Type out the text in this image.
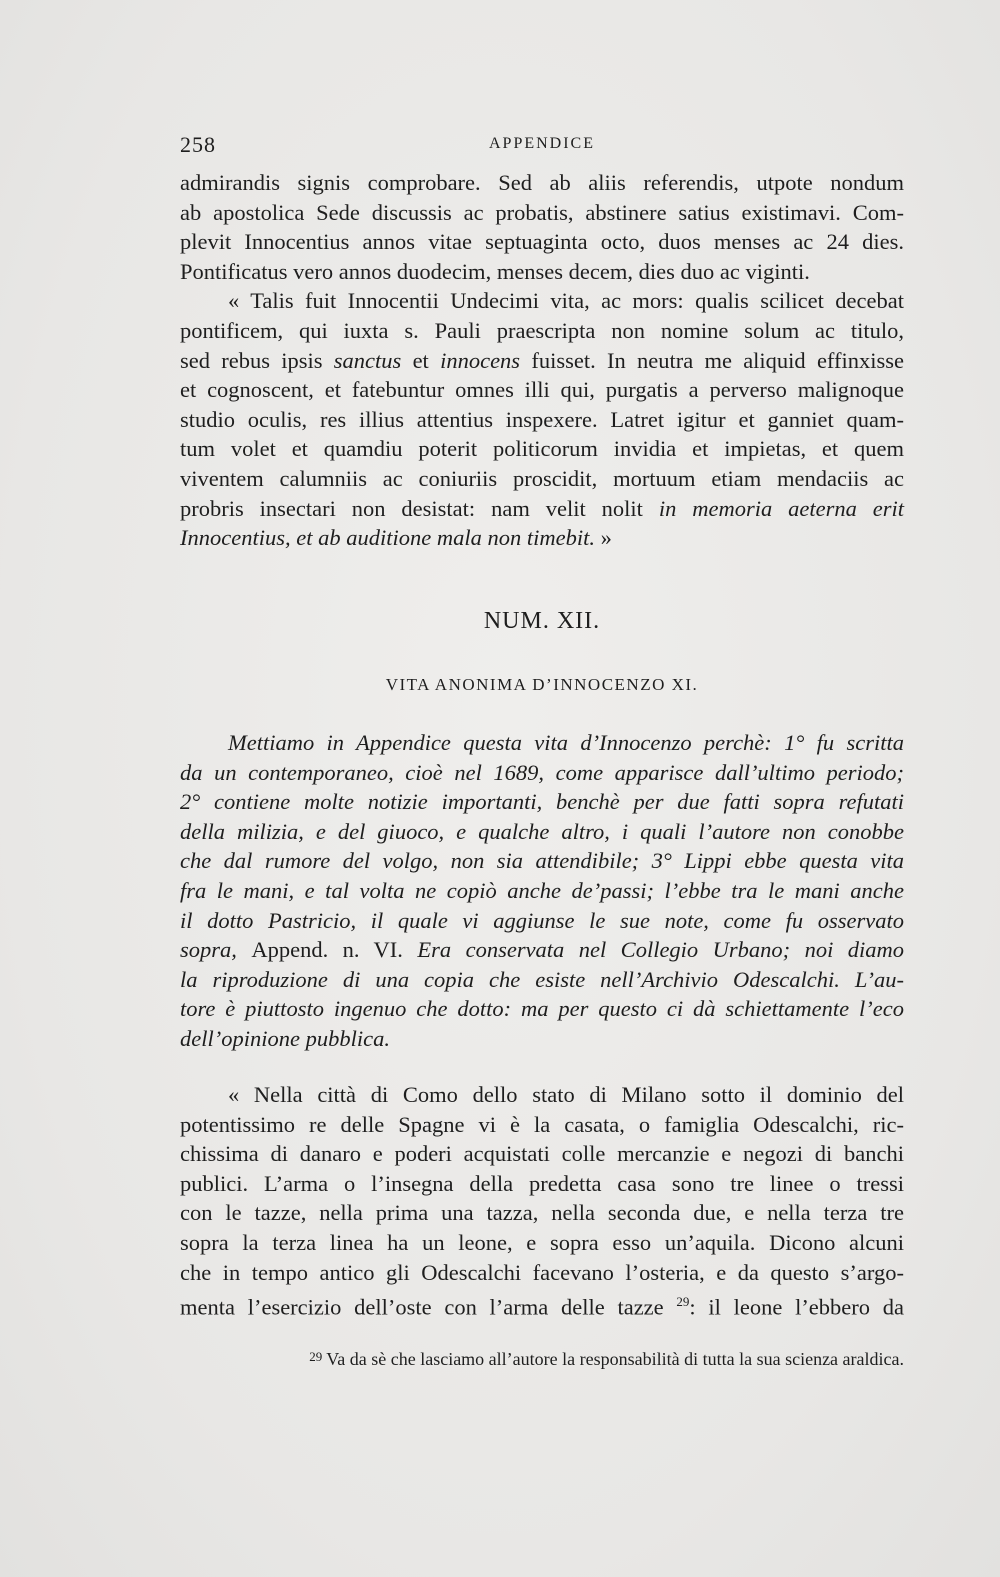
258	APPENDICE
admirandis signis comprobare. Sed ab aliis referendis, utpote nondum
ab apostolica Sede discussis ac probatis, abstinere satius existimavi. Com-
plevit Innocentius annos vitae septuaginta octo, duos menses ac 24 dies.
Pontificatus vero annos duodecim, menses decem, dies duo ac viginti.
« Talis fuit Innocentii Undecimi vita, ac mors: qualis scilicet decebat
pontificem, qui iuxta s. Pauli praescripta non nomine solum ac titulo,
sed rebus ipsis sanctus et innocens fuisset. In neutra me aliquid effinxisse
et cognoscent, et fatebuntur omnes illi qui, purgatis a perverso malignoque
studio oculis, res illius attentius inspexere. Latret igitur et ganniet quam-
tum volet et quamdiu poterit politicorum invidia et impietas, et quem
viventem calumniis ac coniuriis proscidit, mortuum etiam mendaciis ac
probris insectari non desistat: nam velit nolit in memoria aeterna erit
Innocentius, et ab auditione mala non timebit. »
NUM. XII.
VITA ANONIMA D’INNOCENZO XI.
Mettiamo in Appendice questa vita d’Innocenzo perchè: 1° fu scritta
da un contemporaneo, cioè nel 1689, come apparisce dall’ultimo periodo;
2° contiene molte notizie importanti, benchè per due fatti sopra refutati
della milizia, e del giuoco, e qualche altro, i quali l’autore non conobbe
che dal rumore del volgo, non sia attendibile; 3° Lippi ebbe questa vita
fra le mani, e tal volta ne copiò anche de’passi; l’ebbe tra le mani anche
il dotto Pastricio, il quale vi aggiunse le sue note, come fu osservato
sopra, Append. n. VI. Era conservata nel Collegio Urbano; noi diamo
la riproduzione di una copia che esiste nell’Archivio Odescalchi. L’au-
tore è piuttosto ingenuo che dotto: ma per questo ci dà schiettamente l’eco
dell’opinione pubblica.
« Nella città di Como dello stato di Milano sotto il dominio del
potentissimo re delle Spagne vi è la casata, o famiglia Odescalchi, ric-
chissima di danaro e poderi acquistati colle mercanzie e negozi di banchi
publici. L’arma o l’insegna della predetta casa sono tre linee o tressi
con le tazze, nella prima una tazza, nella seconda due, e nella terza tre
sopra la terza linea ha un leone, e sopra esso un’aquila. Dicono alcuni
che in tempo antico gli Odescalchi facevano l’osteria, e da questo s’argo-
menta l’esercizio dell’oste con l’arma delle tazze $^{29}$: il leone l’ebbero da
$^{29}$ Va da sè che lasciamo all’autore la responsabilità di tutta la sua scienza araldica.
